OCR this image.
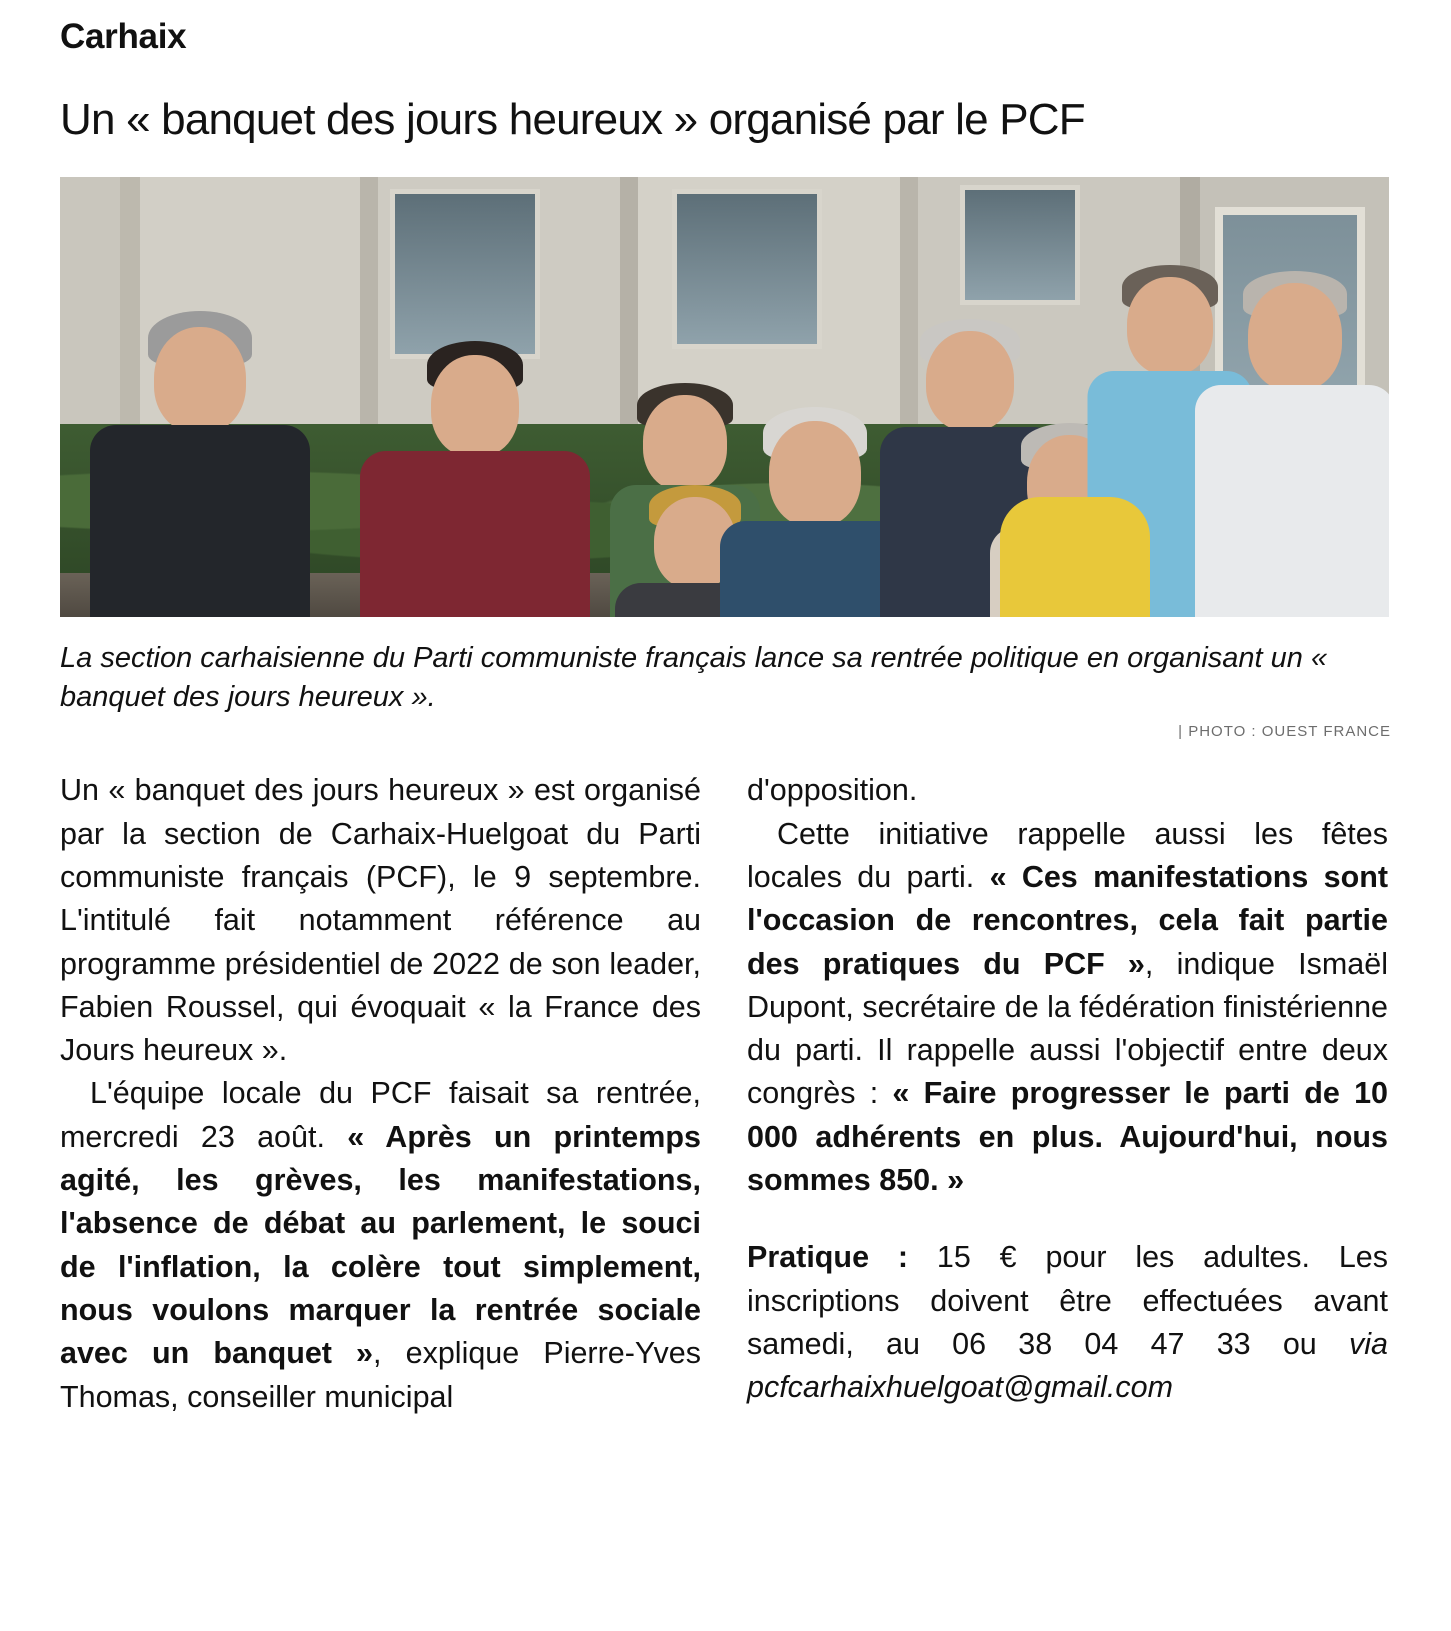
Carhaix
Un « banquet des jours heureux » organisé par le PCF
La section carhaisienne du Parti communiste français lance sa rentrée politique en organisant un « banquet des jours heureux ».
| PHOTO : OUEST FRANCE

Un « banquet des jours heureux » est organisé par la section de Carhaix-Huelgoat du Parti communiste français (PCF), le 9 septembre. L'intitulé fait notamment référence au programme présidentiel de 2022 de son leader, Fabien Roussel, qui évoquait « la France des Jours heureux ».

L'équipe locale du PCF faisait sa rentrée, mercredi 23 août. « Après un printemps agité, les grèves, les manifestations, l'absence de débat au parlement, le souci de l'inflation, la colère tout simplement, nous voulons marquer la rentrée sociale avec un banquet », explique Pierre-Yves Thomas, conseiller municipal

d'opposition.

Cette initiative rappelle aussi les fêtes locales du parti. « Ces manifestations sont l'occasion de rencontres, cela fait partie des pratiques du PCF », indique Ismaël Dupont, secrétaire de la fédération finistérienne du parti. Il rappelle aussi l'objectif entre deux congrès : « Faire progresser le parti de 10 000 adhérents en plus. Aujourd'hui, nous sommes 850. »

Pratique : 15 € pour les adultes. Les inscriptions doivent être effectuées avant samedi, au 06 38 04 47 33 ou via pcfcarhaixhuelgoat@gmail.com
